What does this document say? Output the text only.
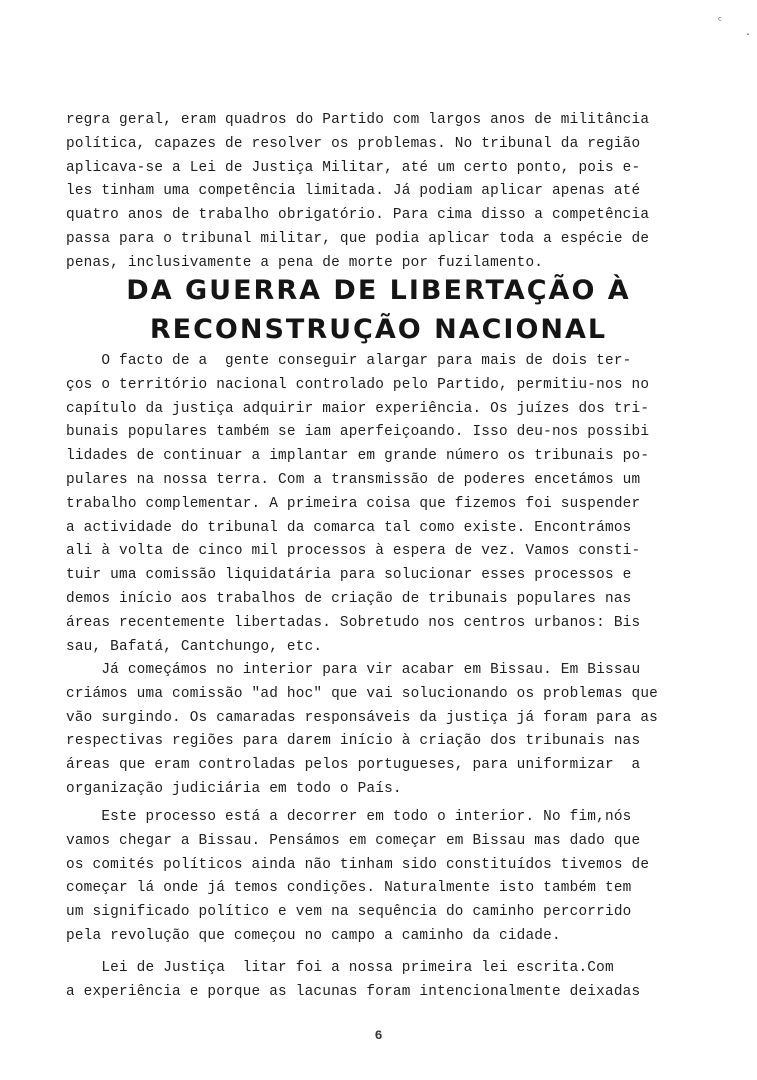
ᶜ
.
regra geral, eram quadros do Partido com largos anos de militância
política, capazes de resolver os problemas. No tribunal da região
aplicava-se a Lei de Justiça Militar, até um certo ponto, pois e-
les tinham uma competência limitada. Já podiam aplicar apenas até
quatro anos de trabalho obrigatório. Para cima disso a competência
passa para o tribunal militar, que podia aplicar toda a espécie de
penas, inclusivamente a pena de morte por fuzilamento.
DA GUERRA DE LIBERTAÇÃO À
RECONSTRUÇÃO NACIONAL
O facto de a  gente conseguir alargar para mais de dois ter-
ços o território nacional controlado pelo Partido, permitiu-nos no
capítulo da justiça adquirir maior experiência. Os juízes dos tri-
bunais populares também se iam aperfeiçoando. Isso deu-nos possibi
lidades de continuar a implantar em grande número os tribunais po-
pulares na nossa terra. Com a transmissão de poderes encetámos um
trabalho complementar. A primeira coisa que fizemos foi suspender
a actividade do tribunal da comarca tal como existe. Encontrámos
ali à volta de cinco mil processos à espera de vez. Vamos consti-
tuir uma comissão liquidatária para solucionar esses processos e
demos início aos trabalhos de criação de tribunais populares nas
áreas recentemente libertadas. Sobretudo nos centros urbanos: Bis
sau, Bafatá, Cantchungo, etc.
Já começámos no interior para vir acabar em Bissau. Em Bissau
criámos uma comissão "ad hoc" que vai solucionando os problemas que
vão surgindo. Os camaradas responsáveis da justiça já foram para as
respectivas regiões para darem início à criação dos tribunais nas
áreas que eram controladas pelos portugueses, para uniformizar  a
organização judiciária em todo o País.
Este processo está a decorrer em todo o interior. No fim,nós
vamos chegar a Bissau. Pensámos em começar em Bissau mas dado que
os comités políticos ainda não tinham sido constituídos tivemos de
começar lá onde já temos condições. Naturalmente isto também tem
um significado político e vem na sequência do caminho percorrido
pela revolução que começou no campo a caminho da cidade.
Lei de Justiça  litar foi a nossa primeira lei escrita.Com
a experiência e porque as lacunas foram intencionalmente deixadas
6
